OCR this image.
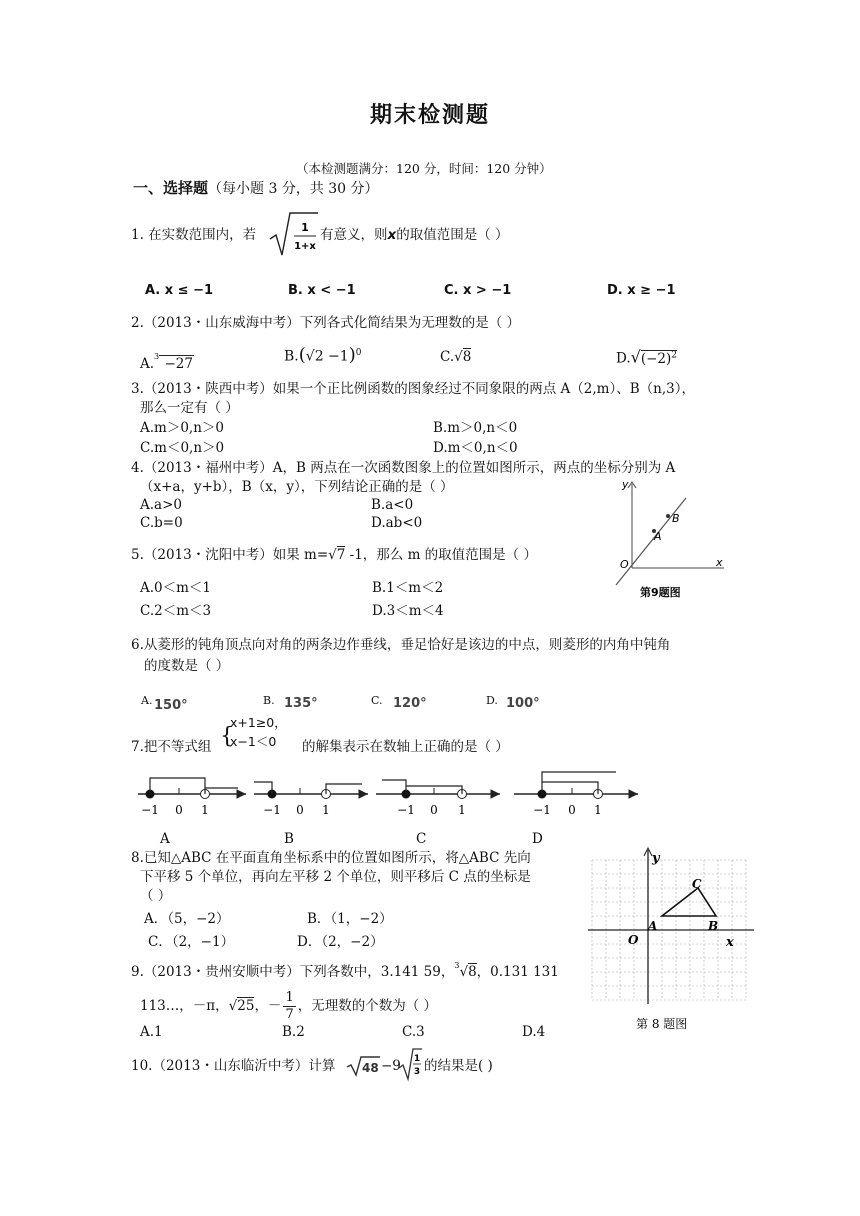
期末检测题
（本检测题满分：120 分，时间：120 分钟）
一、选择题（每小题 3 分，共 30 分）
1. 在实数范围内，若	1
1+x
有意义，则x的取值范围是（ ）
A. x ≤ −1	B. x < −1	C. x > −1	D. x ≥ −1
2.（2013・山东威海中考）下列各式化简结果为无理数的是（ ）
A.$^3$ −27	$B.(√2 -1)^0$	C.√8	$D.√(-2)^2$
3.（2013・陕西中考）如果一个正比例函数的图象经过不同象限的两点 A（2,m）、B（n,3），
那么一定有（ ）
A.m＞0,n＞0	B.m＞0,n＜0
C.m＜0,n＞0	D.m＜0,n＜0
4.（2013・福州中考）A，B 两点在一次函数图象上的位置如图所示，两点的坐标分别为 A
（x+a，y+b），B（x，y），下列结论正确的是（ ）
A.a>0	B.a<0
C.b=0	D.ab<0
y
x
O
A
B
第9题图
5.（2013・沈阳中考）如果 m=√7 -1，那么 m 的取值范围是（ ）
A.0＜m＜1	B.1＜m＜2
C.2＜m＜3	D.3＜m＜4
6.从菱形的钝角顶点向对角的两条边作垂线，垂足恰好是该边的中点，则菱形的内角中钝角
的度数是（ ）
A. 150°	B. 135°	C. 120°	D. 100°
7.把不等式组 {
x+1≥0，
x−1＜0 的解集表示在数轴上正确的是（ ）
−1 0 1	−1 0 1	−1 0 1	−1 0 1
A	B	C	D
8.已知△ABC 在平面直角坐标系中的位置如图所示，将△ABC 先向
下平移 5 个单位，再向左平移 2 个单位，则平移后 C 点的坐标是
（ ）
A．（5，−2）	B．（1，−2）
C．（2，−1）	D．（2，−2）
y
x
O
A	B
C
第 8 题图
9.（2013・贵州安顺中考）下列各数中，3.141 59，$^3$√8，0.131 131
113…，－π，√25，－ $\frac{1}{7}$ ，无理数的个数为（ ）
A.1	B.2	C.3	D.4
10.（2013・山东临沂中考）计算 48 −9 1
3 的结果是( )
